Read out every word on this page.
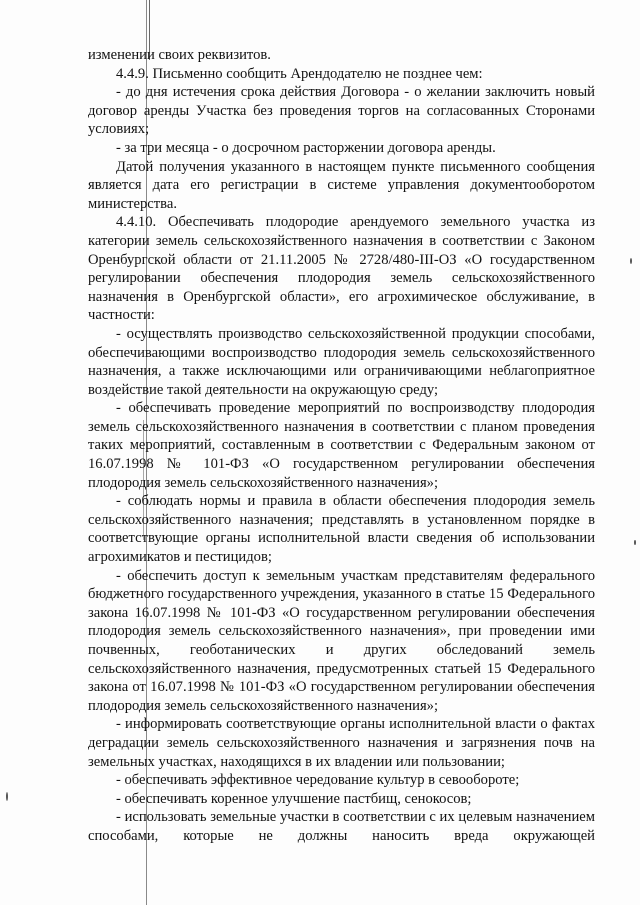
изменении своих реквизитов.

4.4.9. Письменно сообщить Арендодателю не позднее чем:

- до дня истечения срока действия Договора - о желании заключить новый договор аренды Участка без проведения торгов на согласованных Сторонами условиях;

- за три месяца - о досрочном расторжении договора аренды.

Датой получения указанного в настоящем пункте письменного сообщения является дата его регистрации в системе управления документооборотом министерства.

4.4.10. Обеспечивать плодородие арендуемого земельного участка из категории земель сельскохозяйственного назначения в соответствии с Законом Оренбургской области от 21.11.2005 № 2728/480-III-ОЗ «О государственном регулировании обеспечения плодородия земель сельскохозяйственного назначения в Оренбургской области», его агрохимическое обслуживание, в частности:

- осуществлять производство сельскохозяйственной продукции способами, обеспечивающими воспроизводство плодородия земель сельскохозяйственного назначения, а также исключающими или ограничивающими неблагоприятное воздействие такой деятельности на окружающую среду;

- обеспечивать проведение мероприятий по воспроизводству плодородия земель сельскохозяйственного назначения в соответствии с планом проведения таких мероприятий, составленным в соответствии с Федеральным законом от 16.07.1998 № 101-ФЗ «О государственном регулировании обеспечения плодородия земель сельскохозяйственного назначения»;

- соблюдать нормы и правила в области обеспечения плодородия земель сельскохозяйственного назначения; представлять в установленном порядке в соответствующие органы исполнительной власти сведения об использовании агрохимикатов и пестицидов;

- обеспечить доступ к земельным участкам представителям федерального бюджетного государственного учреждения, указанного в статье 15 Федерального закона 16.07.1998 № 101-ФЗ «О государственном регулировании обеспечения плодородия земель сельскохозяйственного назначения», при проведении ими почвенных, геоботанических и других обследований земель сельскохозяйственного назначения, предусмотренных статьей 15 Федерального закона от 16.07.1998 № 101-ФЗ «О государственном регулировании обеспечения плодородия земель сельскохозяйственного назначения»;

- информировать соответствующие органы исполнительной власти о фактах деградации земель сельскохозяйственного назначения и загрязнения почв на земельных участках, находящихся в их владении или пользовании;

- обеспечивать эффективное чередование культур в севообороте;

- обеспечивать коренное улучшение пастбищ, сенокосов;

- использовать земельные участки в соответствии с их целевым назначением способами, которые не должны наносить вреда окружающей
